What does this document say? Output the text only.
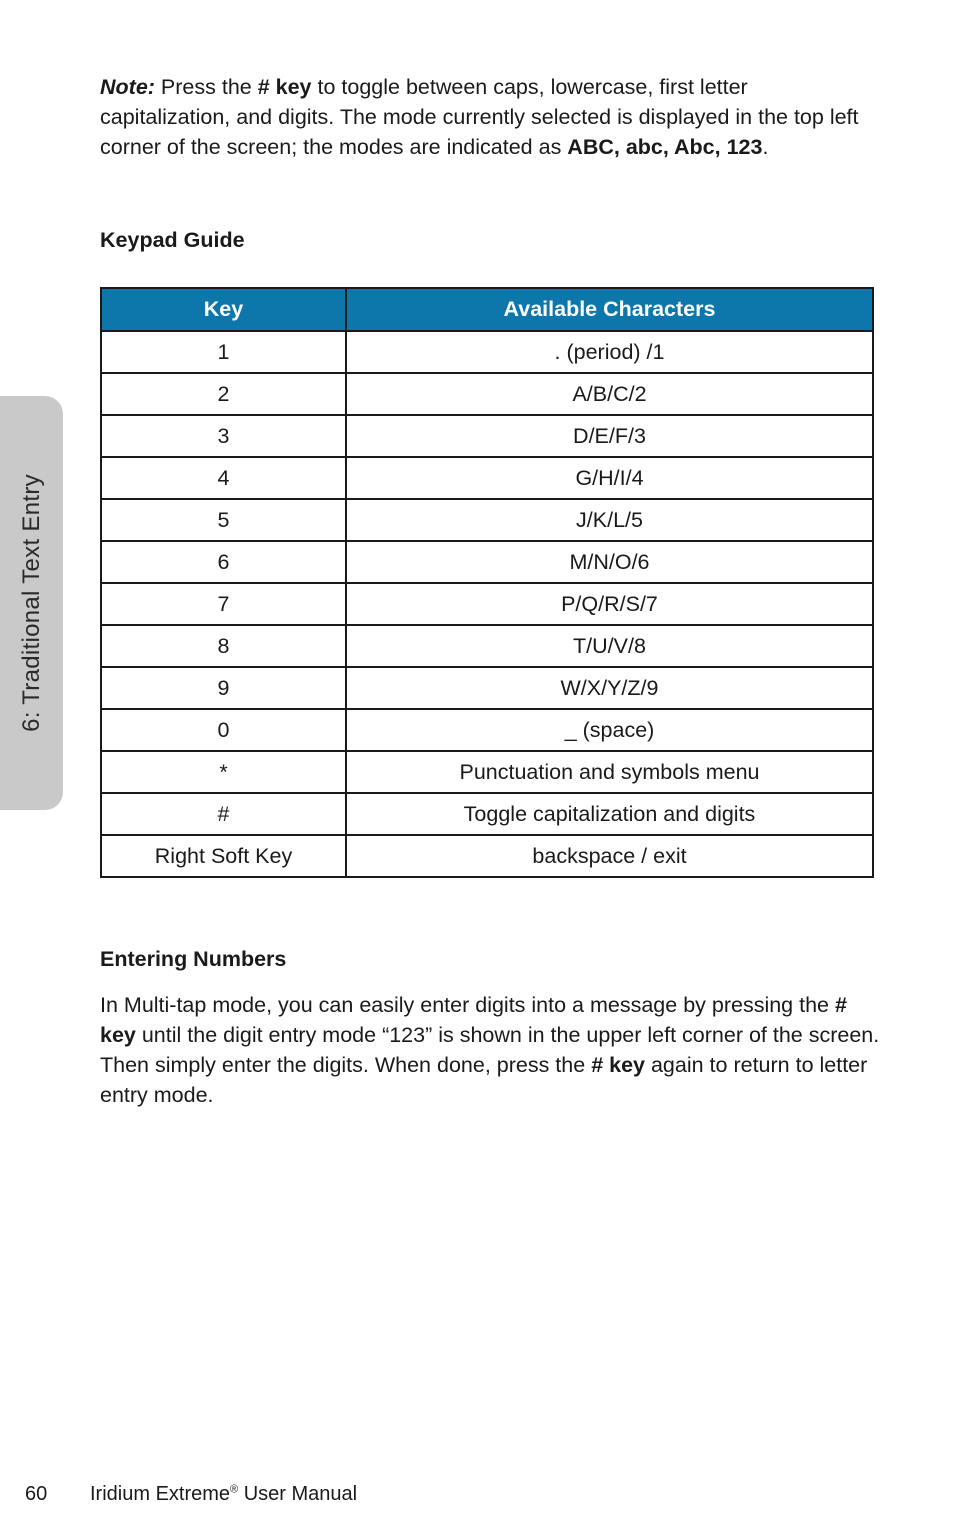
6: Traditional Text Entry

Note: Press the # key to toggle between caps, lowercase, first letter capitalization, and digits. The mode currently selected is displayed in the top left corner of the screen; the modes are indicated as ABC, abc, Abc, 123.

Keypad Guide
Key	Available Characters
1	. (period) /1
2	A/B/C/2
3	D/E/F/3
4	G/H/I/4
5	J/K/L/5
6	M/N/O/6
7	P/Q/R/S/7
8	T/U/V/8
9	W/X/Y/Z/9
0	_ (space)
*	Punctuation and symbols menu
#	Toggle capitalization and digits
Right Soft Key	backspace / exit
Entering Numbers

In Multi-tap mode, you can easily enter digits into a message by pressing the # key until the digit entry mode “123” is shown in the upper left corner of the screen. Then simply enter the digits. When done, press the # key again to return to letter entry mode.

60 Iridium Extreme® User Manual
